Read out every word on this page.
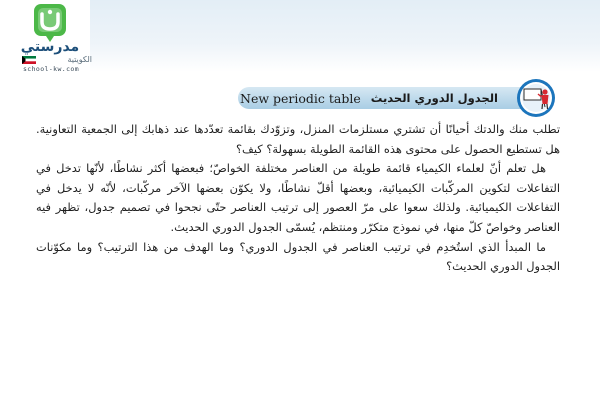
مدرستي
الكويتية
school-kw.com
New periodic table الجدول الدوري الحديث

تطلب منك والدتك أحيانًا أن تشتري مستلزمات المنزل، وتزوّدك بقائمة تعدّدها عند ذهابك إلى الجمعية التعاونية. هل تستطيع الحصول على محتوى هذه القائمة الطويلة بسهولة؟ كيف؟

هل تعلم أنّ لعلماء الكيمياء قائمة طويلة من العناصر مختلفة الخواصّ؛ فبعضها أكثر نشاطًا، لأنّها تدخل في التفاعلات لتكوين المركّبات الكيميائية، وبعضها أقلّ نشاطًا، ولا يكوّن بعضها الآخر مركّبات، لأنّه لا يدخل في التفاعلات الكيميائية. ولذلك سعوا على مرّ العصور إلى ترتيب العناصر حتّى نجحوا في تصميم جدول، تظهر فيه العناصر وخواصّ كلّ منها، في نموذج متكرّر ومنتظم، يُسمّى الجدول الدوري الحديث.

ما المبدأ الذي استُخدِم في ترتيب العناصر في الجدول الدوري؟ وما الهدف من هذا الترتيب؟ وما مكوّنات الجدول الدوري الحديث؟
